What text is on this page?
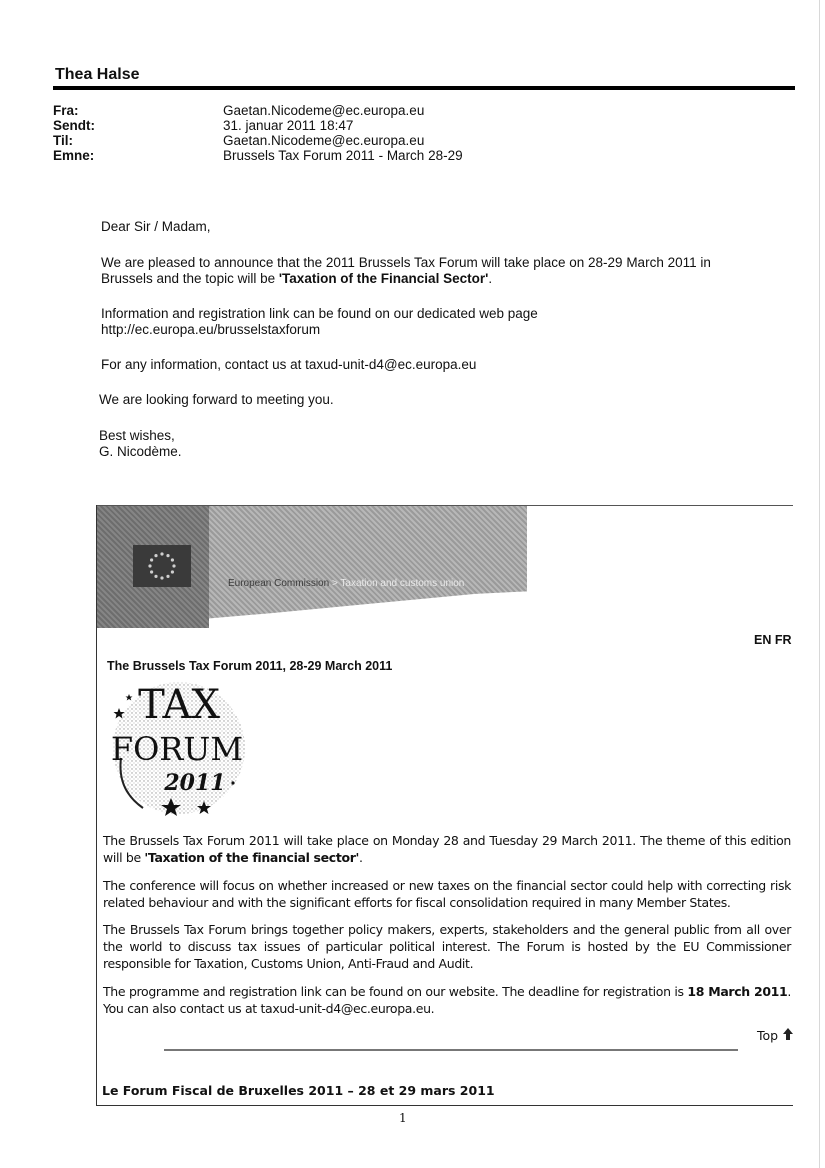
Thea Halse
Fra:	Gaetan.Nicodeme@ec.europa.eu
Sendt:	31. januar 2011 18:47
Til:	Gaetan.Nicodeme@ec.europa.eu
Emne:	Brussels Tax Forum 2011 - March 28-29
Dear Sir / Madam,
We are pleased to announce that the 2011 Brussels Tax Forum will take place on 28-29 March 2011 in
Brussels and the topic will be 'Taxation of the Financial Sector'.
Information and registration link can be found on our dedicated web page
http://ec.europa.eu/brusselstaxforum
For any information, contact us at taxud-unit-d4@ec.europa.eu
We are looking forward to meeting you.
Best wishes,
G. Nicodème.
European Commission > Taxation and customs union
EN FR
The Brussels Tax Forum 2011, 28-29 March 2011
TAX
FORUM
2011
The Brussels Tax Forum 2011 will take place on Monday 28 and Tuesday 29 March 2011. The theme of this edition will be 'Taxation of the financial sector'.
The conference will focus on whether increased or new taxes on the financial sector could help with correcting risk related behaviour and with the significant efforts for fiscal consolidation required in many Member States.
The Brussels Tax Forum brings together policy makers, experts, stakeholders and the general public from all over the world to discuss tax issues of particular political interest. The Forum is hosted by the EU Commissioner responsible for Taxation, Customs Union, Anti-Fraud and Audit.
The programme and registration link can be found on our website. The deadline for registration is 18 March 2011. You can also contact us at taxud-unit-d4@ec.europa.eu.
Top
Le Forum Fiscal de Bruxelles 2011 – 28 et 29 mars 2011
1
